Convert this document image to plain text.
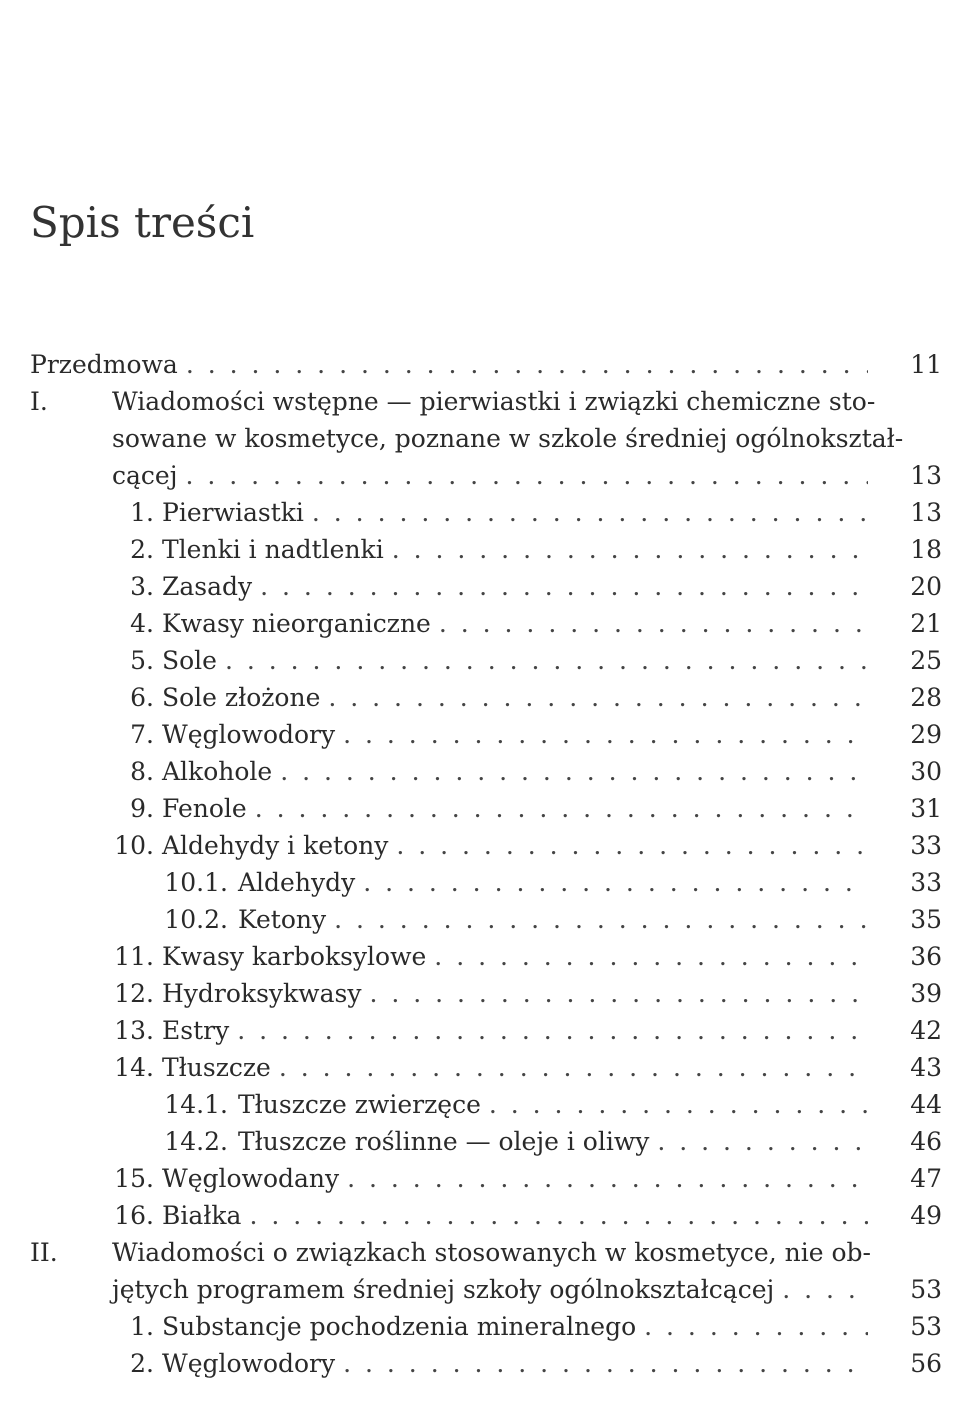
Spis treści
Przedmowa . . .	11
I.	Wiadomości wstępne — pierwiastki i związki chemiczne sto-
sowane w kosmetyce, poznane w szkole średniej ogólnokształ-
cącej . . .	13
1. Pierwiastki . . .	13
2. Tlenki i nadtlenki . . .	18
3. Zasady . . .	20
4. Kwasy nieorganiczne . . .	21
5. Sole . . .	25
6. Sole złożone . . .	28
7. Węglowodory . . .	29
8. Alkohole . . .	30
9. Fenole . . .	31
10. Aldehydy i ketony . . .	33
10.1. Aldehydy . . .	33
10.2. Ketony . . .	35
11. Kwasy karboksylowe . . .	36
12. Hydroksykwasy . . .	39
13. Estry . . .	42
14. Tłuszcze . . .	43
14.1. Tłuszcze zwierzęce . . .	44
14.2. Tłuszcze roślinne — oleje i oliwy . . .	46
15. Węglowodany . . .	47
16. Białka . . .	49
II. Wiadomości o związkach stosowanych w kosmetyce, nie ob-
jętych programem średniej szkoły ogólnokształcącej . . .	53
1. Substancje pochodzenia mineralnego . . .	53
2. Węglowodory . . .	56
